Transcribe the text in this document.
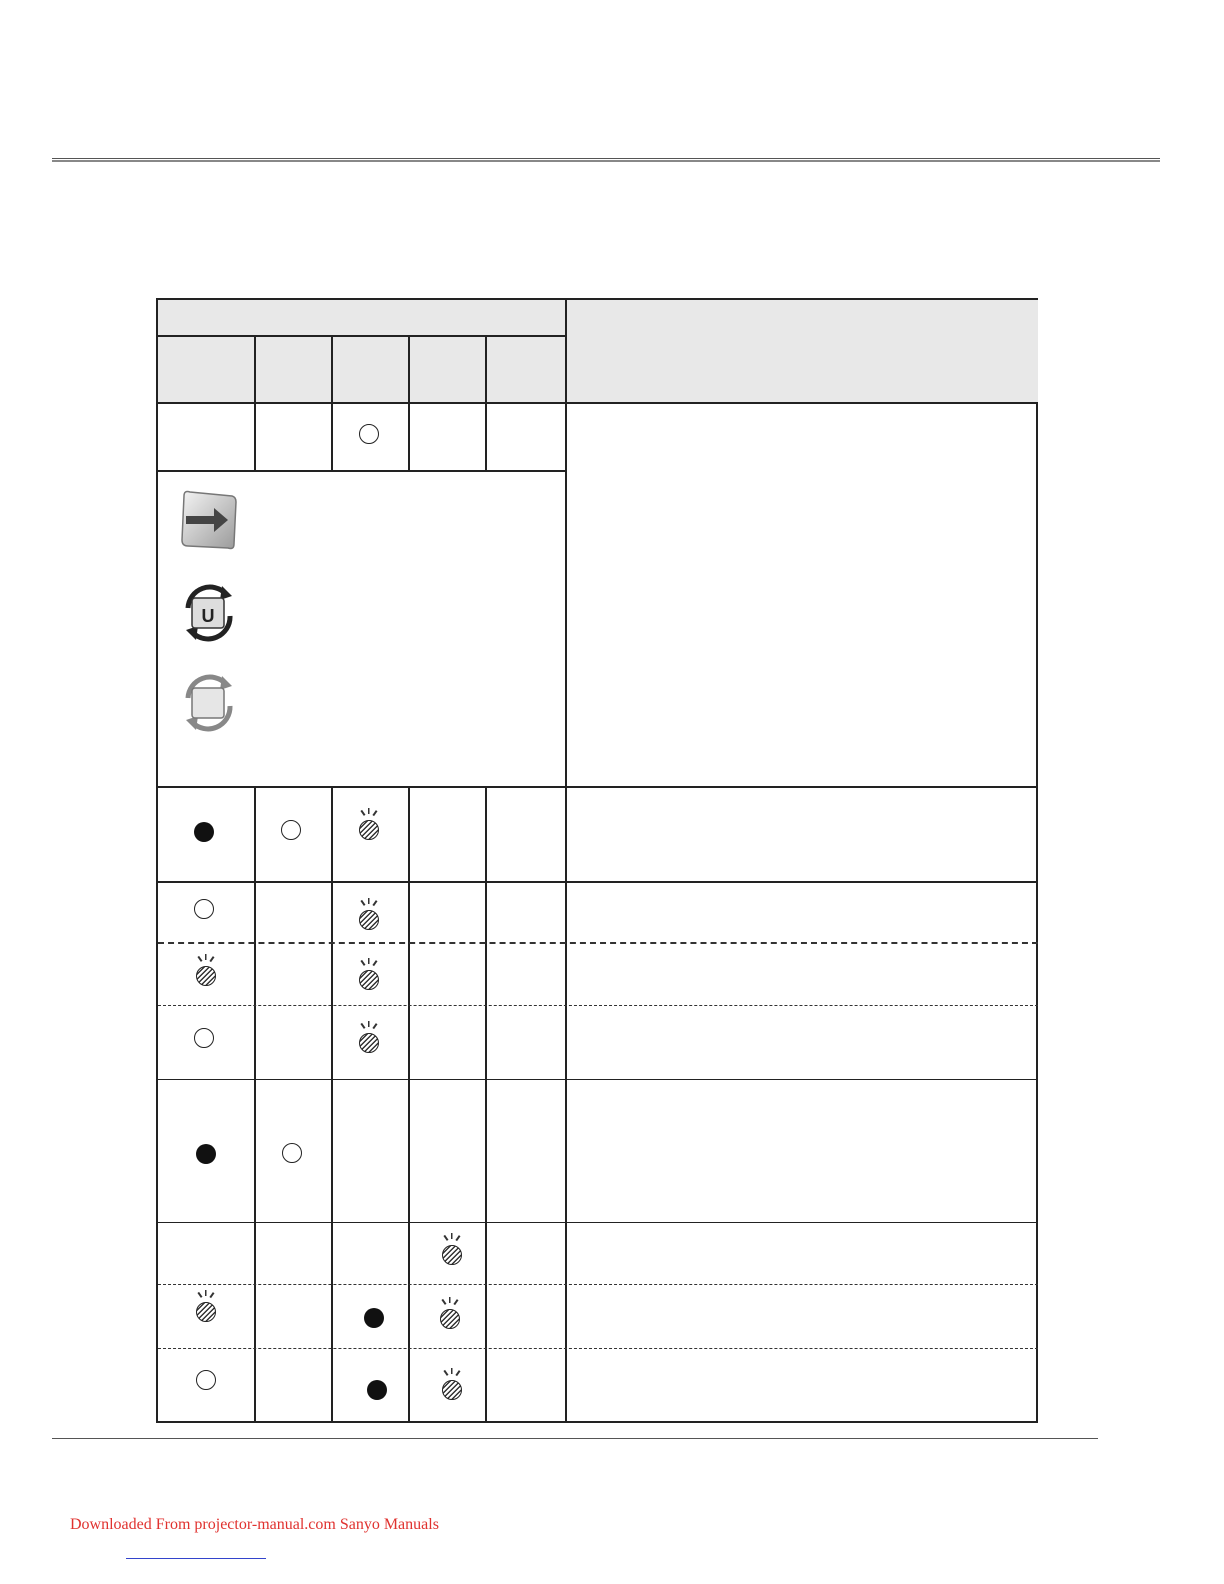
U
Downloaded From projector-manual.com Sanyo Manuals
